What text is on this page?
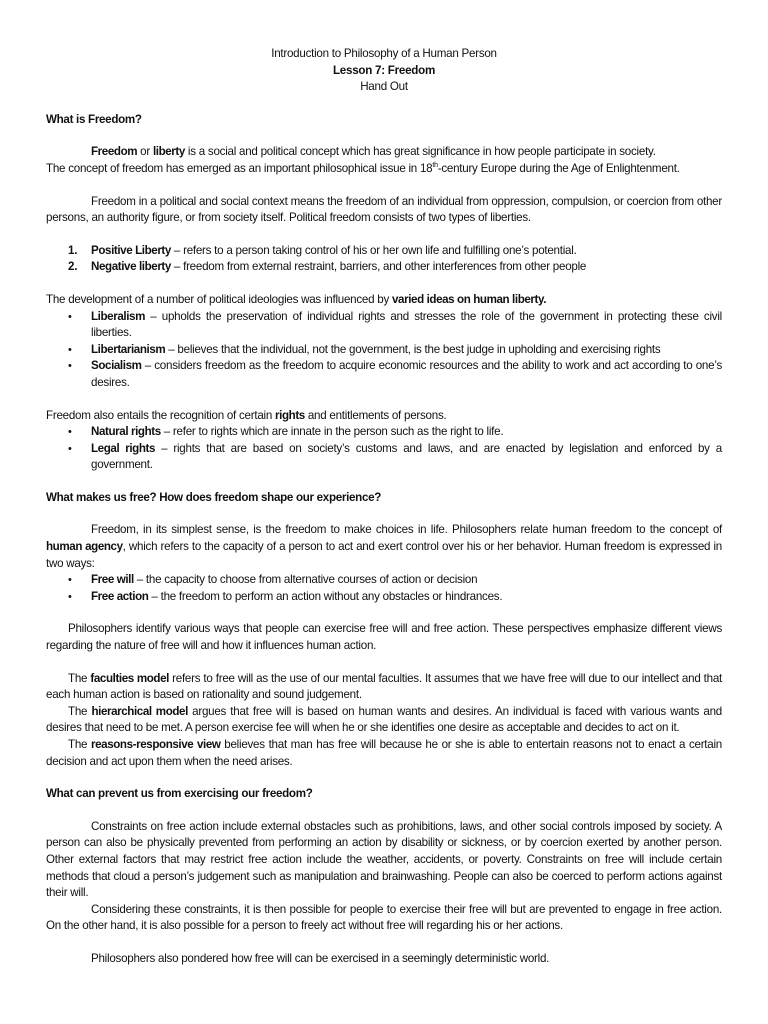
Introduction to Philosophy of a Human Person
Lesson 7: Freedom
Hand Out
What is Freedom?

Freedom or liberty is a social and political concept which has great significance in how people participate in society.

The concept of freedom has emerged as an important philosophical issue in 18th-century Europe during the Age of Enlightenment.

Freedom in a political and social context means the freedom of an individual from oppression, compulsion, or coercion from other persons, an authority figure, or from society itself. Political freedom consists of two types of liberties.

1. Positive Liberty – refers to a person taking control of his or her own life and fulfilling one’s potential.
2. Negative liberty – freedom from external restraint, barriers, and other interferences from other people

The development of a number of political ideologies was influenced by varied ideas on human liberty.

• Liberalism – upholds the preservation of individual rights and stresses the role of the government in protecting these civil liberties.
• Libertarianism – believes that the individual, not the government, is the best judge in upholding and exercising rights
• Socialism – considers freedom as the freedom to acquire economic resources and the ability to work and act according to one’s desires.

Freedom also entails the recognition of certain rights and entitlements of persons.

• Natural rights – refer to rights which are innate in the person such as the right to life.
• Legal rights – rights that are based on society’s customs and laws, and are enacted by legislation and enforced by a government.
What makes us free? How does freedom shape our experience?

Freedom, in its simplest sense, is the freedom to make choices in life. Philosophers relate human freedom to the concept of human agency, which refers to the capacity of a person to act and exert control over his or her behavior. Human freedom is expressed in two ways:

• Free will – the capacity to choose from alternative courses of action or decision
• Free action – the freedom to perform an action without any obstacles or hindrances.

Philosophers identify various ways that people can exercise free will and free action. These perspectives emphasize different views regarding the nature of free will and how it influences human action.

The faculties model refers to free will as the use of our mental faculties. It assumes that we have free will due to our intellect and that each human action is based on rationality and sound judgement.

The hierarchical model argues that free will is based on human wants and desires. An individual is faced with various wants and desires that need to be met. A person exercise fee will when he or she identifies one desire as acceptable and decides to act on it.

The reasons-responsive view believes that man has free will because he or she is able to entertain reasons not to enact a certain decision and act upon them when the need arises.

What can prevent us from exercising our freedom?

Constraints on free action include external obstacles such as prohibitions, laws, and other social controls imposed by society. A person can also be physically prevented from performing an action by disability or sickness, or by coercion exerted by another person. Other external factors that may restrict free action include the weather, accidents, or poverty. Constraints on free will include certain methods that cloud a person’s judgement such as manipulation and brainwashing. People can also be coerced to perform actions against their will.

Considering these constraints, it is then possible for people to exercise their free will but are prevented to engage in free action. On the other hand, it is also possible for a person to freely act without free will regarding his or her actions.

Philosophers also pondered how free will can be exercised in a seemingly deterministic world.
